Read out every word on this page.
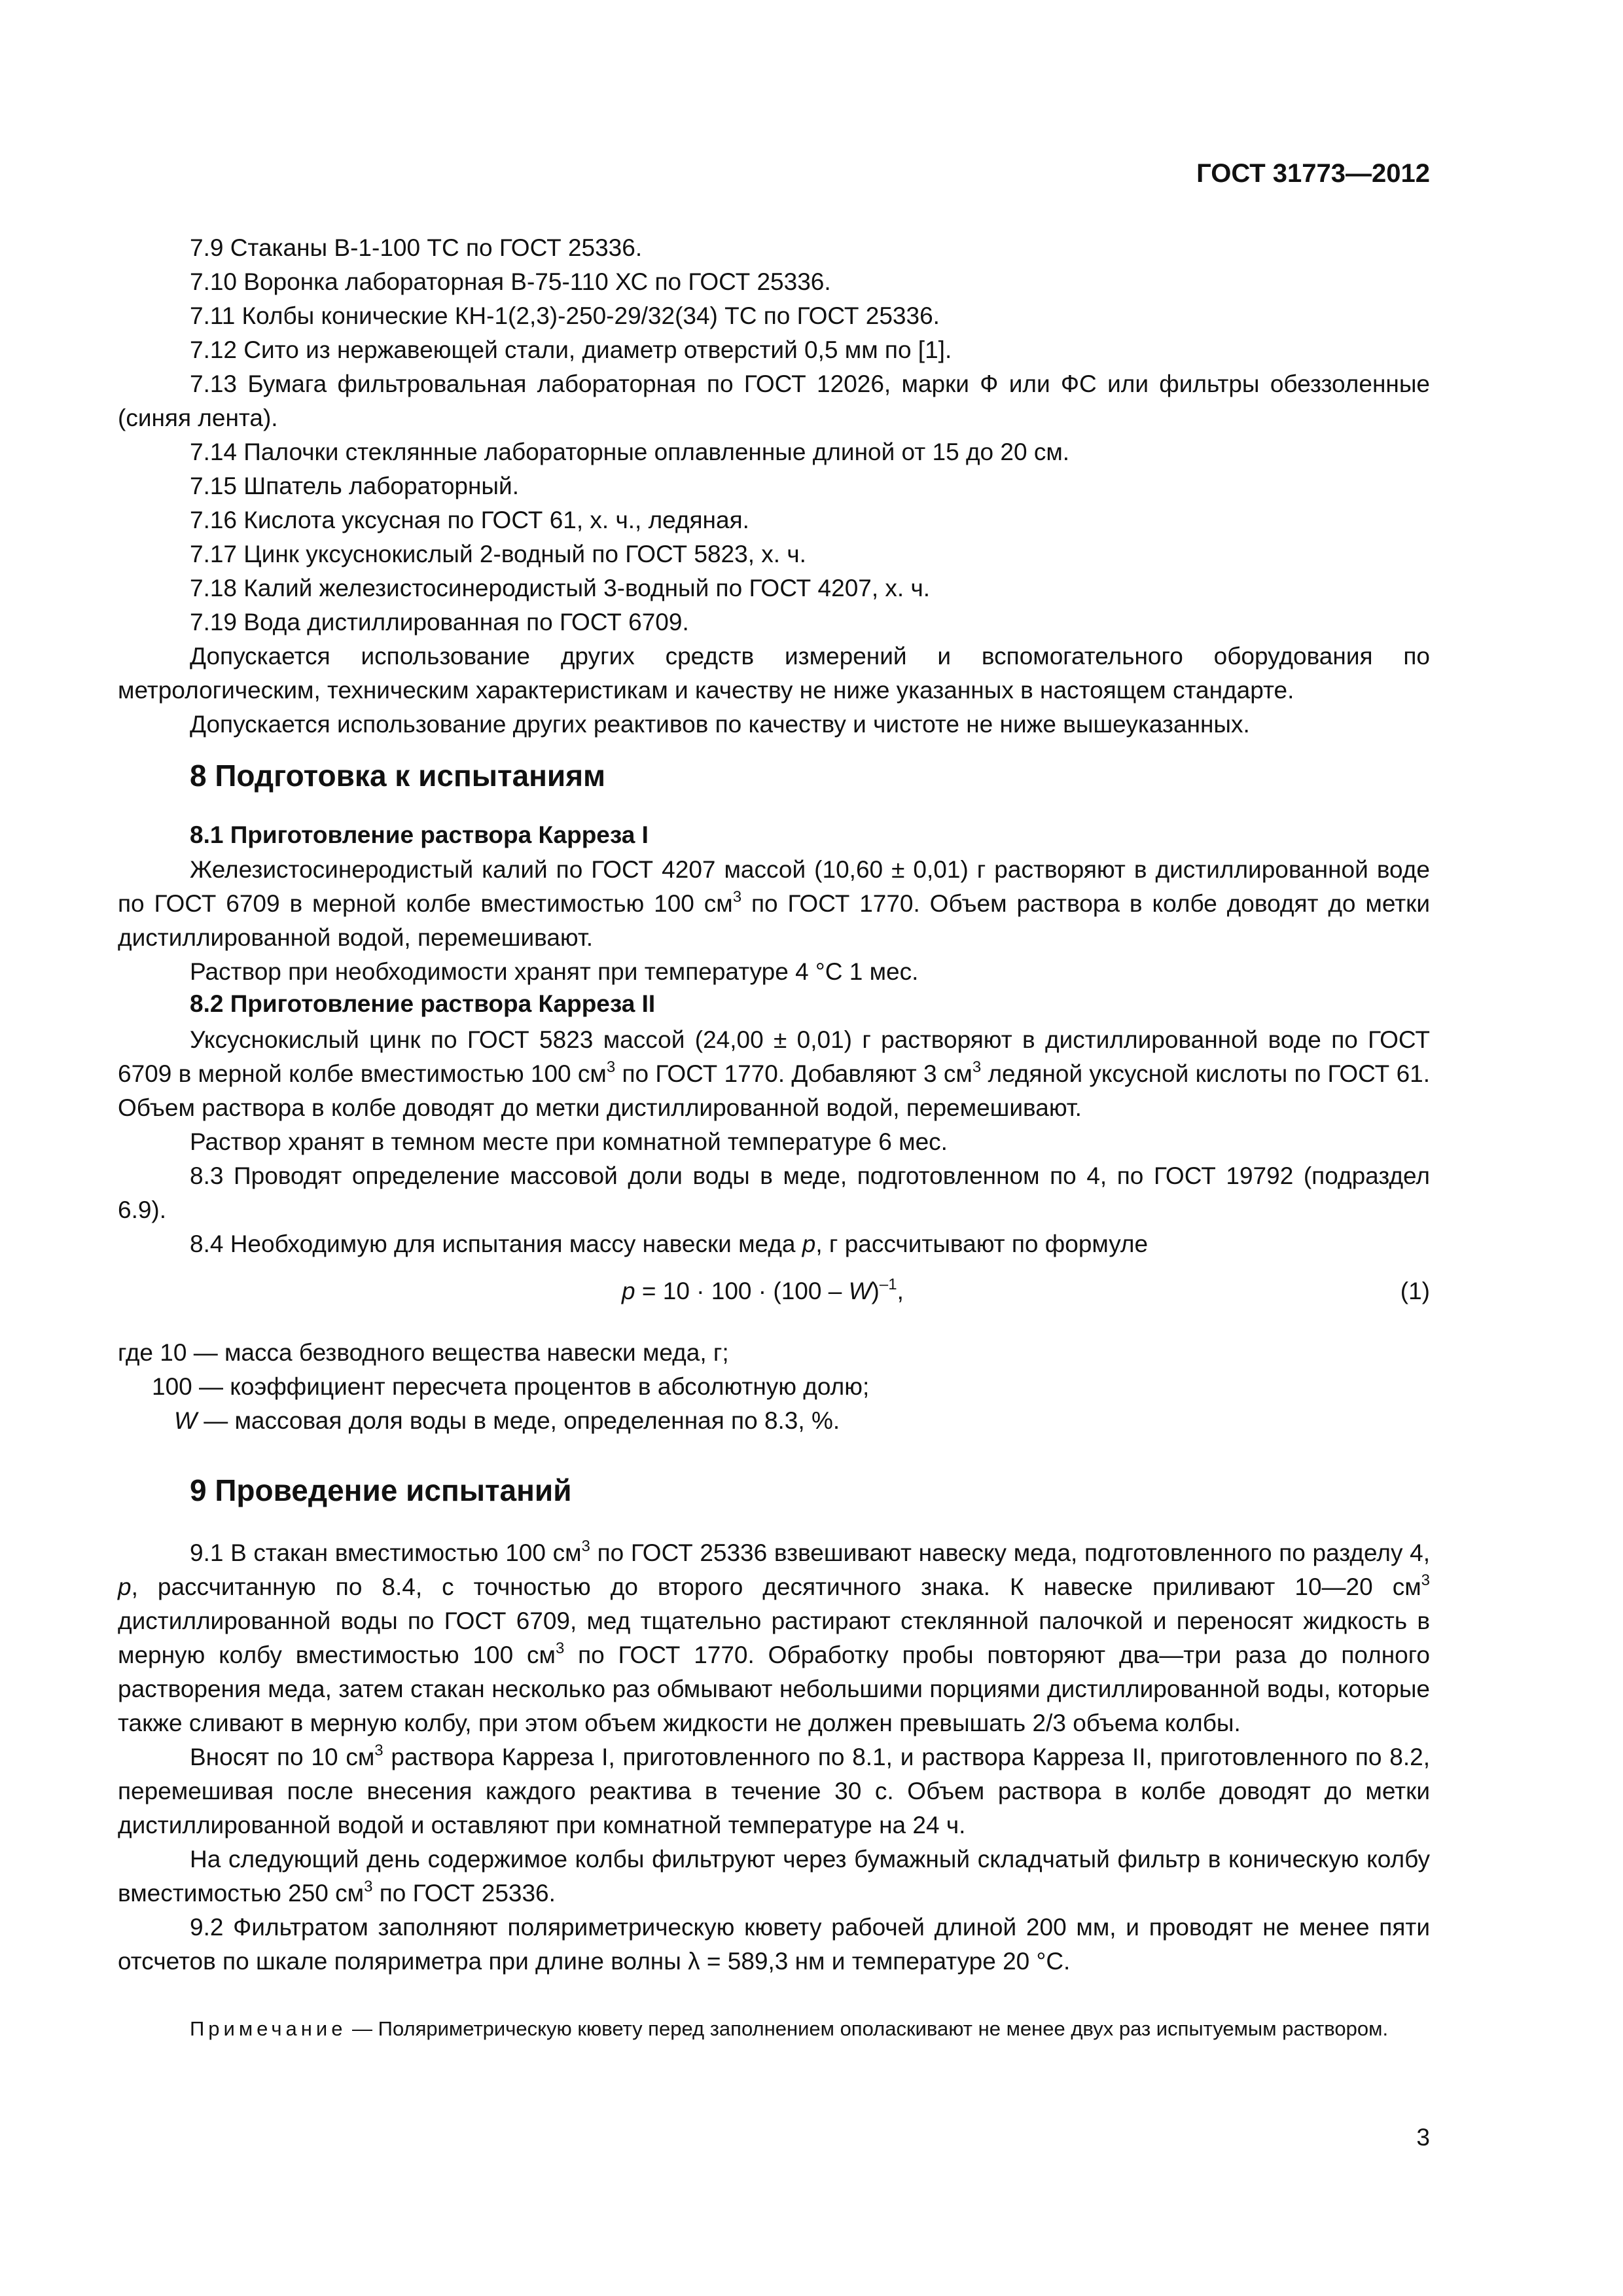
ГОСТ 31773—2012

7.9 Стаканы В-1-100 ТС по ГОСТ 25336.

7.10 Воронка лабораторная В-75-110 ХС по ГОСТ 25336.

7.11 Колбы конические КН-1(2,3)-250-29/32(34) ТС по ГОСТ 25336.

7.12 Сито из нержавеющей стали, диаметр отверстий 0,5 мм по [1].

7.13 Бумага фильтровальная лабораторная по ГОСТ 12026, марки Ф или ФС или фильтры обеззоленные (синяя лента).

7.14 Палочки стеклянные лабораторные оплавленные длиной от 15 до 20 см.

7.15 Шпатель лабораторный.

7.16 Кислота уксусная по ГОСТ 61, х. ч., ледяная.

7.17 Цинк уксуснокислый 2-водный по ГОСТ 5823, х. ч.

7.18 Калий железистосинеродистый 3-водный по ГОСТ 4207, х. ч.

7.19 Вода дистиллированная по ГОСТ 6709.

Допускается использование других средств измерений и вспомогательного оборудования по метрологическим, техническим характеристикам и качеству не ниже указанных в настоящем стандарте.

Допускается использование других реактивов по качеству и чистоте не ниже вышеуказанных.

8 Подготовка к испытаниям
8.1 Приготовление раствора Карреза I

Железистосинеродистый калий по ГОСТ 4207 массой (10,60 ± 0,01) г растворяют в дистиллированной воде по ГОСТ 6709 в мерной колбе вместимостью 100 $см^3$ по ГОСТ 1770. Объем раствора в колбе доводят до метки дистиллированной водой, перемешивают.

Раствор при необходимости хранят при температуре 4 °С 1 мес.

8.2 Приготовление раствора Карреза II

Уксуснокислый цинк по ГОСТ 5823 массой (24,00 ± 0,01) г растворяют в дистиллированной воде по ГОСТ 6709 в мерной колбе вместимостью 100 $см^3$ по ГОСТ 1770. Добавляют 3 $см^3$ ледяной уксусной кислоты по ГОСТ 61. Объем раствора в колбе доводят до метки дистиллированной водой, перемешивают.

Раствор хранят в темном месте при комнатной температуре 6 мес.

8.3 Проводят определение массовой доли воды в меде, подготовленном по 4, по ГОСТ 19792 (подраздел 6.9).

8.4 Необходимую для испытания массу навески меда p, г рассчитывают по формуле

p = 10 · 100 · (100 – W)$^{-1}$,	(1)
где 10 — масса безводного вещества навески меда, г;
100 — коэффициент пересчета процентов в абсолютную долю;
W — массовая доля воды в меде, определенная по 8.3, %.
9 Проведение испытаний

9.1 В стакан вместимостью 100 $см^3$ по ГОСТ 25336 взвешивают навеску меда, подготовленного по разделу 4, p, рассчитанную по 8.4, с точностью до второго десятичного знака. К навеске приливают 10—20 $см^3$ дистиллированной воды по ГОСТ 6709, мед тщательно растирают стеклянной палочкой и переносят жидкость в мерную колбу вместимостью 100 $см^3$ по ГОСТ 1770. Обработку пробы повторяют два—три раза до полного растворения меда, затем стакан несколько раз обмывают небольшими порциями дистиллированной воды, которые также сливают в мерную колбу, при этом объем жидкости не должен превышать 2/3 объема колбы.

Вносят по 10 $см^3$ раствора Карреза I, приготовленного по 8.1, и раствора Карреза II, приготовленного по 8.2, перемешивая после внесения каждого реактива в течение 30 с. Объем раствора в колбе доводят до метки дистиллированной водой и оставляют при комнатной температуре на 24 ч.

На следующий день содержимое колбы фильтруют через бумажный складчатый фильтр в коническую колбу вместимостью 250 $см^3$ по ГОСТ 25336.

9.2 Фильтратом заполняют поляриметрическую кювету рабочей длиной 200 мм, и проводят не менее пяти отсчетов по шкале поляриметра при длине волны λ = 589,3 нм и температуре 20 °С.

Примечание — Поляриметрическую кювету перед заполнением ополаскивают не менее двух раз испытуемым раствором.

3
